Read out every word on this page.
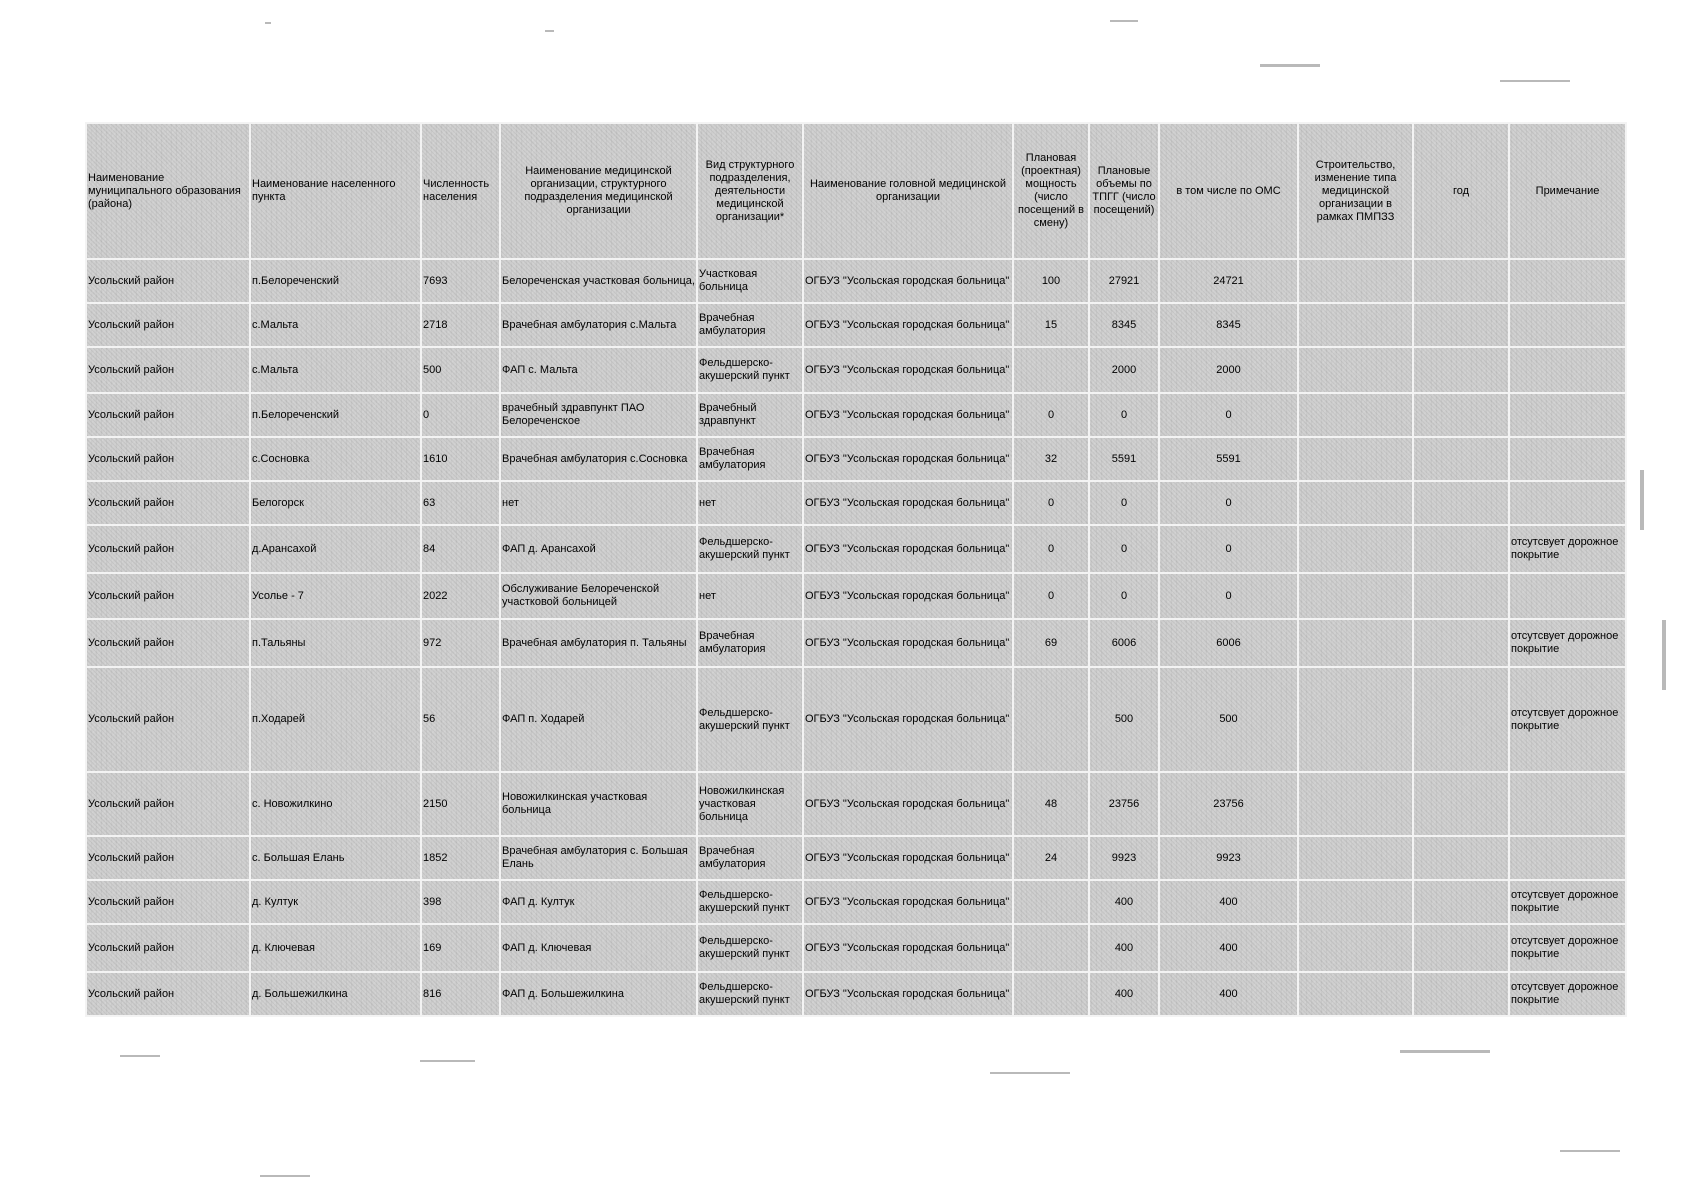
Наименование муниципального образования (района)	Наименование населенного пункта	Численность населения	Наименование медицинской организации, структурного подразделения медицинской организации	Вид структурного подразделения, деятельности медицинской организации*	Наименование головной медицинской организации	Плановая (проектная) мощность (число посещений в смену)	Плановые объемы по ТПГГ (число посещений)	в том числе по ОМС	Строительство, изменение типа медицинской организации в рамках ПМПЗЗ	год	Примечание
Усольский район	п.Белореченский	7693	Белореченская участковая больница,	Участковая больница	ОГБУЗ "Усольская городская больница"	100	27921	24721			
Усольский район	с.Мальта	2718	Врачебная амбулатория с.Мальта	Врачебная амбулатория	ОГБУЗ "Усольская городская больница"	15	8345	8345			
Усольский район	с.Мальта	500	ФАП с. Мальта	Фельдшерско-акушерский пункт	ОГБУЗ "Усольская городская больница"		2000	2000			
Усольский район	п.Белореченский	0	врачебный здравпункт ПАО Белореченское	Врачебный здравпункт	ОГБУЗ "Усольская городская больница"	0	0	0			
Усольский район	с.Сосновка	1610	Врачебная амбулатория с.Сосновка	Врачебная амбулатория	ОГБУЗ "Усольская городская больница"	32	5591	5591			
Усольский район	Белогорск	63	нет	нет	ОГБУЗ "Усольская городская больница"	0	0	0			
Усольский район	д.Арансахой	84	ФАП д. Арансахой	Фельдшерско-акушерский пункт	ОГБУЗ "Усольская городская больница"	0	0	0			отсутсвует дорожное покрытие
Усольский район	Усолье - 7	2022	Обслуживание Белореченской участковой больницей	нет	ОГБУЗ "Усольская городская больница"	0	0	0			
Усольский район	п.Тальяны	972	Врачебная амбулатория п. Тальяны	Врачебная амбулатория	ОГБУЗ "Усольская городская больница"	69	6006	6006			отсутсвует дорожное покрытие
Усольский район	п.Ходарей	56	ФАП п. Ходарей	Фельдшерско-акушерский пункт	ОГБУЗ "Усольская городская больница"		500	500			отсутсвует дорожное покрытие
Усольский район	с. Новожилкино	2150	Новожилкинская участковая больница	Новожилкинская участковая больница	ОГБУЗ "Усольская городская больница"	48	23756	23756			
Усольский район	с. Большая Елань	1852	Врачебная амбулатория с. Большая Елань	Врачебная амбулатория	ОГБУЗ "Усольская городская больница"	24	9923	9923			
Усольский район	д. Култук	398	ФАП д. Култук	Фельдшерско-акушерский пункт	ОГБУЗ "Усольская городская больница"		400	400			отсутсвует дорожное покрытие
Усольский район	д. Ключевая	169	ФАП д. Ключевая	Фельдшерско-акушерский пункт	ОГБУЗ "Усольская городская больница"		400	400			отсутсвует дорожное покрытие
Усольский район	д. Большежилкина	816	ФАП д. Большежилкина	Фельдшерско-акушерский пункт	ОГБУЗ "Усольская городская больница"		400	400			отсутсвует дорожное покрытие
